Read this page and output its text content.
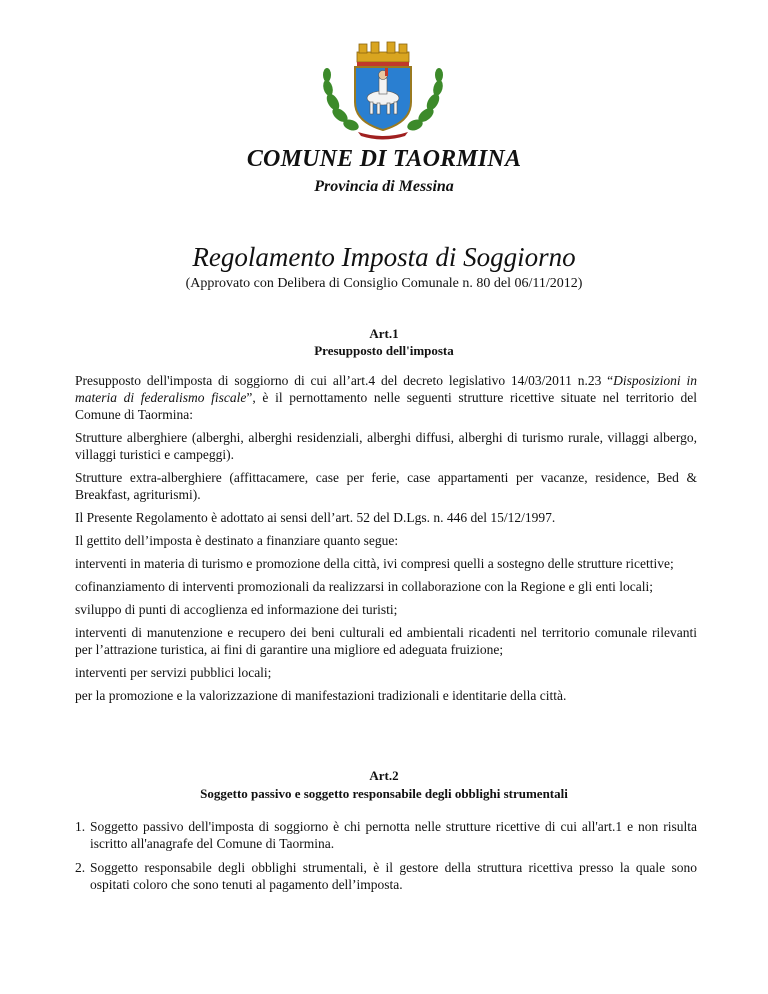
COMUNE DI TAORMINA
Provincia di Messina
Regolamento Imposta di Soggiorno
(Approvato con Delibera di Consiglio Comunale n. 80 del 06/11/2012)
Art.1
Presupposto dell'imposta

Presupposto dell'imposta di soggiorno di cui all’art.4 del decreto legislativo 14/03/2011 n.23 “Disposizioni in materia di federalismo fiscale”, è il pernottamento nelle seguenti strutture ricettive situate nel territorio del Comune di Taormina:

Strutture alberghiere (alberghi, alberghi residenziali, alberghi diffusi, alberghi di turismo rurale, villaggi albergo, villaggi turistici e campeggi).

Strutture extra-alberghiere (affittacamere, case per ferie, case appartamenti per vacanze, residence, Bed & Breakfast, agriturismi).

Il Presente Regolamento è adottato ai sensi dell’art. 52 del D.Lgs. n. 446 del 15/12/1997.

Il gettito dell’imposta è destinato a finanziare quanto segue:

interventi in materia di turismo e promozione della città, ivi compresi quelli a sostegno delle strutture ricettive;

cofinanziamento di interventi promozionali da realizzarsi in collaborazione con la Regione e gli enti locali;

sviluppo di punti di accoglienza ed informazione dei turisti;

interventi di manutenzione e recupero dei beni culturali ed ambientali ricadenti nel territorio comunale rilevanti per l’attrazione turistica, ai fini di garantire una migliore ed adeguata fruizione;

interventi per servizi pubblici locali;

per la promozione e la valorizzazione di manifestazioni tradizionali e identitarie della città.

Art.2
Soggetto passivo e soggetto responsabile degli obblighi strumentali
1. Soggetto passivo dell'imposta di soggiorno è chi pernotta nelle strutture ricettive di cui all'art.1 e non risulta iscritto all'anagrafe del Comune di Taormina.
2. Soggetto responsabile degli obblighi strumentali, è il gestore della struttura ricettiva presso la quale sono ospitati coloro che sono tenuti al pagamento dell’imposta.
